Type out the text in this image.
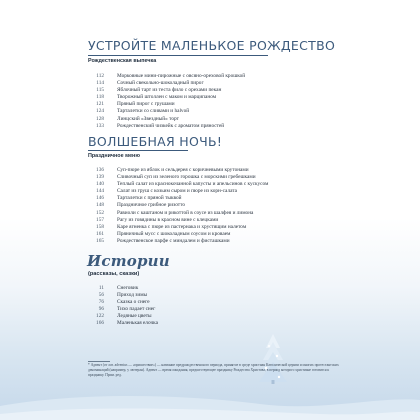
УСТРОЙТЕ МАЛЕНЬКОЕ РОЖДЕСТВО
Рождественская выпечка
112 Морковные мини-пирожные с овсяно-ореховой крошкой
114 Сочный свекольно-шоколадный пирог
115 Яблочный тарт из теста фило с орехами пекан
118 Творожный штоллен с маком и марципаном
121 Пряный пирог с грушами
124 Тарталетки со сливами и halvой
128 Линцский «Звездный» торт
133 Рождественский чизкейк с ароматом пряностей
ВОЛШЕБНАЯ НОЧЬ!
Праздничное меню
136 Суп-пюре из яблок и сельдерея с коричневыми крутонами
139 Сливочный суп из зеленого горошка с морскими гребешками
140 Теплый салат из краснокочанной капусты и апельсинов с кускусом
144 Салат из груш с козьим сыром и пюре из корн-салата
146 Тарталетки с пряной тыквой
148 Праздничное грибное ризотто
152 Равиоли с каштаном и рикоттой в соусе из шалфея и лимона
157 Рагу из говядины в красном вине с клецками
158 Каре ягненка с пюре из пастернака и хрустящим налетом
161 Пряничный мусс с шоколадным соусом и кроваем
165 Рождественское парфе с миндалем и фисташками
Истории
(рассказы, сказки)
11 Снеговик
56 Приход зимы
76 Сказка о снеге
96 Тихо падает снег
122 Ледяные цветы
166 Маленькая елочка
* Адвент (от лат. adventus — «пришествие») — название предрождественского периода, принятое в среде христиан Католической церкви и многих протестантских деноминаций (например, у лютеран). Адвент — время ожидания, предшествующее празднику Рождества Христова, в период которого христиане готовятся к празднику. Прим. ред.
